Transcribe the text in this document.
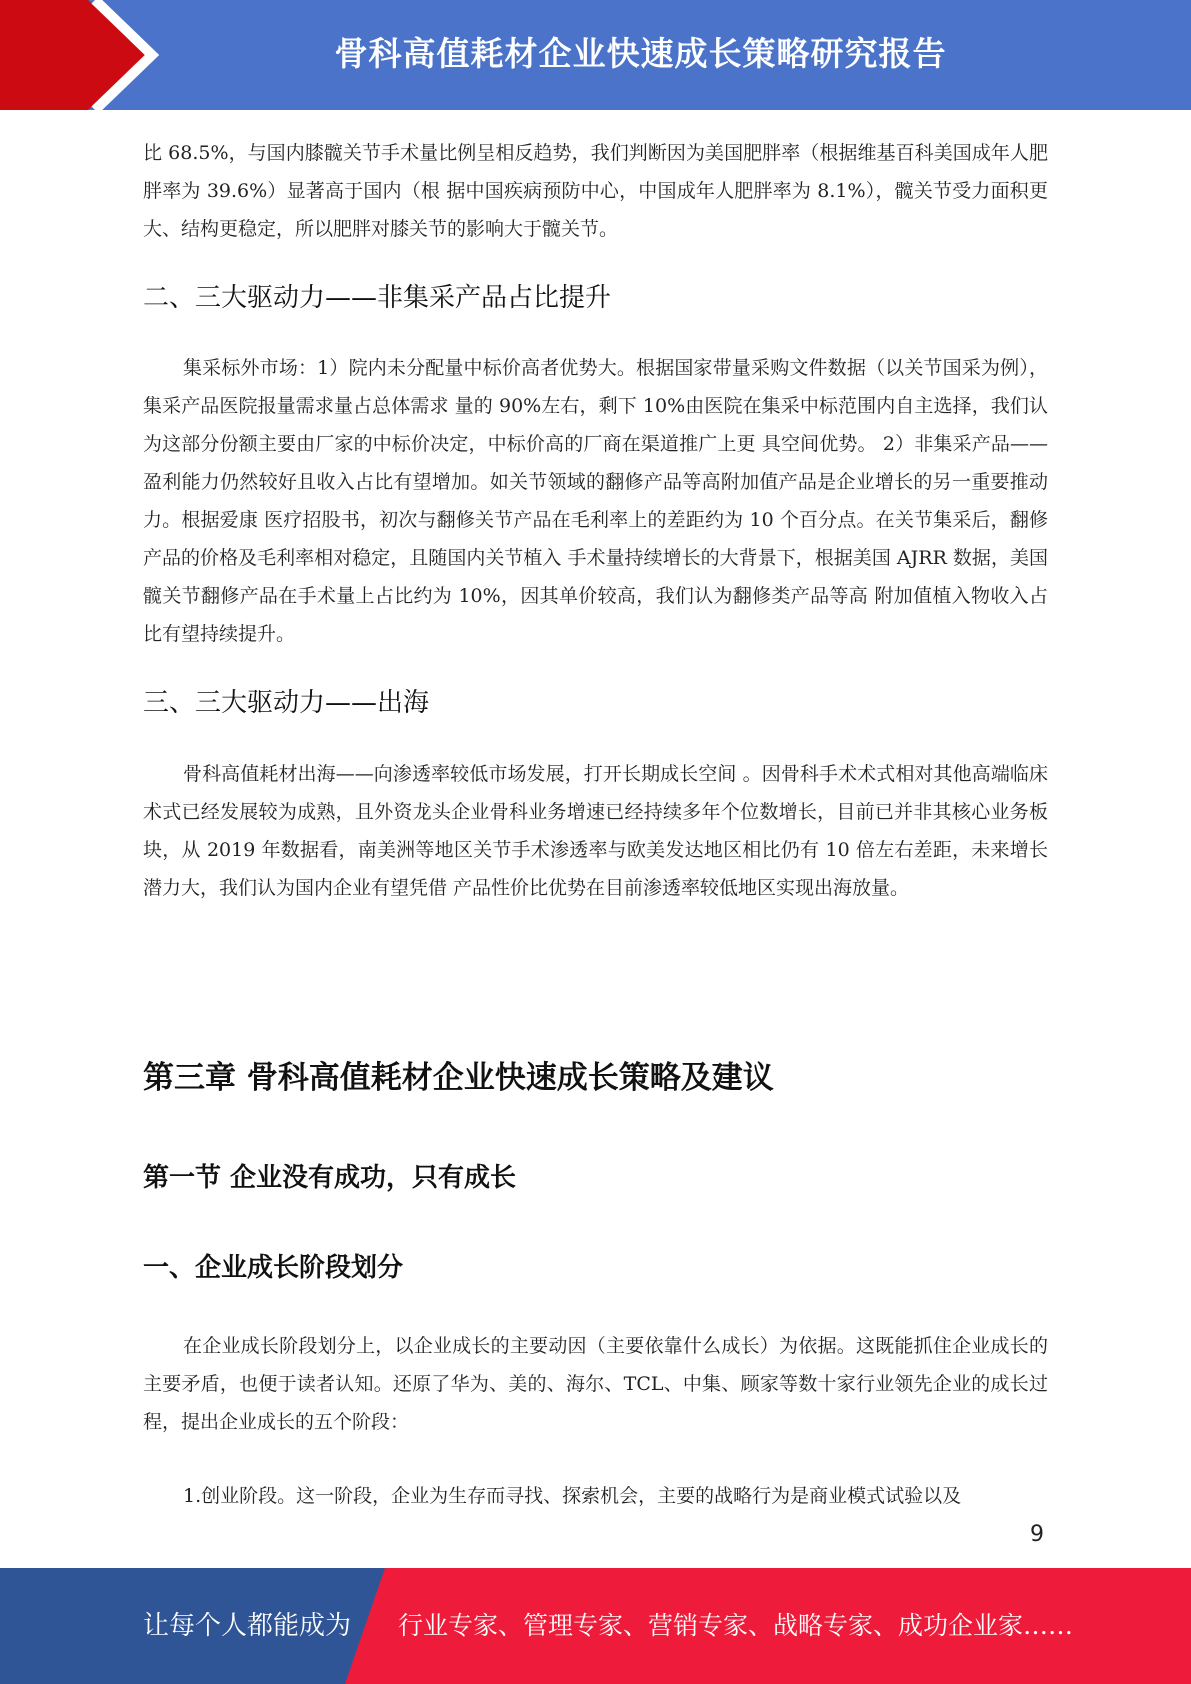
骨科高值耗材企业快速成长策略研究报告

比 68.5%，与国内膝髋关节手术量比例呈相反趋势，我们判断因为美国肥胖率（根据维基百科美国成年人肥胖率为 39.6%）显著高于国内（根 据中国疾病预防中心，中国成年人肥胖率为 8.1%），髋关节受力面积更大、结构更稳定，所以肥胖对膝关节的影响大于髋关节。

二、三大驱动力——非集采产品占比提升

集采标外市场：1）院内未分配量中标价高者优势大。根据国家带量采购文件数据（以关节国采为例），集采产品医院报量需求量占总体需求 量的 90%左右，剩下 10%由医院在集采中标范围内自主选择，我们认为这部分份额主要由厂家的中标价决定，中标价高的厂商在渠道推广上更 具空间优势。 2）非集采产品——盈利能力仍然较好且收入占比有望增加。如关节领域的翻修产品等高附加值产品是企业增长的另一重要推动力。根据爱康 医疗招股书，初次与翻修关节产品在毛利率上的差距约为 10 个百分点。在关节集采后，翻修产品的价格及毛利率相对稳定，且随国内关节植入 手术量持续增长的大背景下，根据美国 AJRR 数据，美国髋关节翻修产品在手术量上占比约为 10%，因其单价较高，我们认为翻修类产品等高 附加值植入物收入占比有望持续提升。

三、三大驱动力——出海

骨科高值耗材出海——向渗透率较低市场发展，打开长期成长空间 。因骨科手术术式相对其他高端临床术式已经发展较为成熟，且外资龙头企业骨科业务增速已经持续多年个位数增长，目前已并非其核心业务板 块，从 2019 年数据看，南美洲等地区关节手术渗透率与欧美发达地区相比仍有 10 倍左右差距，未来增长潜力大，我们认为国内企业有望凭借 产品性价比优势在目前渗透率较低地区实现出海放量。

第三章 骨科高值耗材企业快速成长策略及建议
第一节 企业没有成功，只有成长
一、企业成长阶段划分

在企业成长阶段划分上，以企业成长的主要动因（主要依靠什么成长）为依据。这既能抓住企业成长的主要矛盾，也便于读者认知。还原了华为、美的、海尔、TCL、中集、顾家等数十家行业领先企业的成长过程，提出企业成长的五个阶段：

1.创业阶段。这一阶段，企业为生存而寻找、探索机会，主要的战略行为是商业模式试验以及

9
让每个人都能成为 行业专家、管理专家、营销专家、战略专家、成功企业家……
